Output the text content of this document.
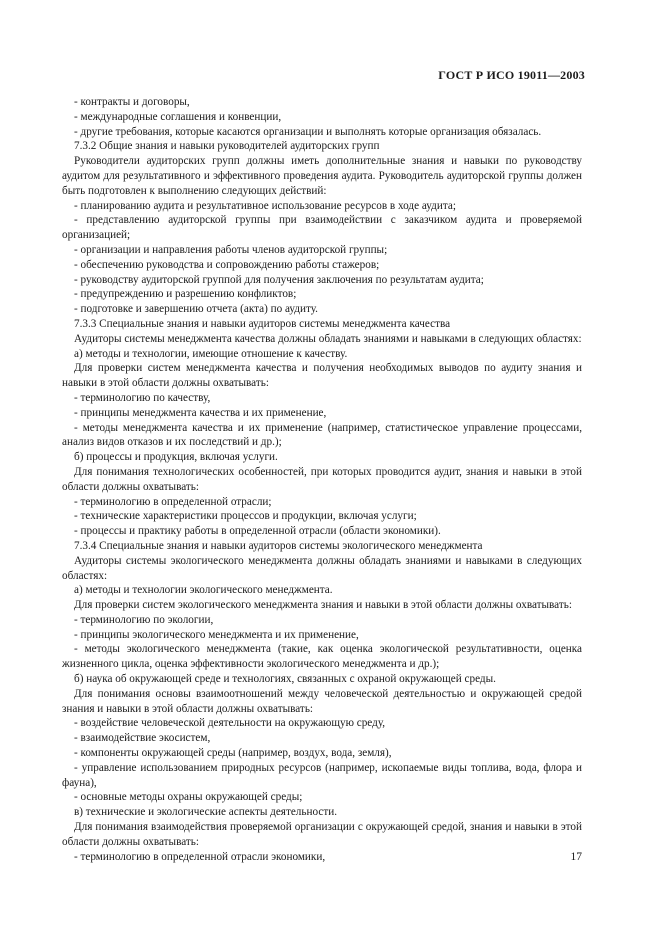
ГОСТ Р ИСО 19011—2003

- контракты и договоры,

- международные соглашения и конвенции,

- другие требования, которые касаются организации и выполнять которые организация обязалась.

7.3.2 Общие знания и навыки руководителей аудиторских групп

Руководители аудиторских групп должны иметь дополнительные знания и навыки по руководству аудитом для результативного и эффективного проведения аудита. Руководитель аудиторской группы должен быть подготовлен к выполнению следующих действий:

- планированию аудита и результативное использование ресурсов в ходе аудита;

- представлению аудиторской группы при взаимодействии с заказчиком аудита и проверяемой организацией;

- организации и направления работы членов аудиторской группы;

- обеспечению руководства и сопровождению работы стажеров;

- руководству аудиторской группой для получения заключения по результатам аудита;

- предупреждению и разрешению конфликтов;

- подготовке и завершению отчета (акта) по аудиту.

7.3.3 Специальные знания и навыки аудиторов системы менеджмента качества

Аудиторы системы менеджмента качества должны обладать знаниями и навыками в следующих областях:

а) методы и технологии, имеющие отношение к качеству.

Для проверки систем менеджмента качества и получения необходимых выводов по аудиту знания и навыки в этой области должны охватывать:

- терминологию по качеству,

- принципы менеджмента качества и их применение,

- методы менеджмента качества и их применение (например, статистическое управление процессами, анализ видов отказов и их последствий и др.);

б) процессы и продукция, включая услуги.

Для понимания технологических особенностей, при которых проводится аудит, знания и навыки в этой области должны охватывать:

- терминологию в определенной отрасли;

- технические характеристики процессов и продукции, включая услуги;

- процессы и практику работы в определенной отрасли (области экономики).

7.3.4 Специальные знания и навыки аудиторов системы экологического менеджмента

Аудиторы системы экологического менеджмента должны обладать знаниями и навыками в следующих областях:

а) методы и технологии экологического менеджмента.

Для проверки систем экологического менеджмента знания и навыки в этой области должны охватывать:

- терминологию по экологии,

- принципы экологического менеджмента и их применение,

- методы экологического менеджмента (такие, как оценка экологической результативности, оценка жизненного цикла, оценка эффективности экологического менеджмента и др.);

б) наука об окружающей среде и технологиях, связанных с охраной окружающей среды.

Для понимания основы взаимоотношений между человеческой деятельностью и окружающей средой знания и навыки в этой области должны охватывать:

- воздействие человеческой деятельности на окружающую среду,

- взаимодействие экосистем,

- компоненты окружающей среды (например, воздух, вода, земля),

- управление использованием природных ресурсов (например, ископаемые виды топлива, вода, флора и фауна),

- основные методы охраны окружающей среды;

в) технические и экологические аспекты деятельности.

Для понимания взаимодействия проверяемой организации с окружающей средой, знания и навыки в этой области должны охватывать:

- терминологию в определенной отрасли экономики,	17
